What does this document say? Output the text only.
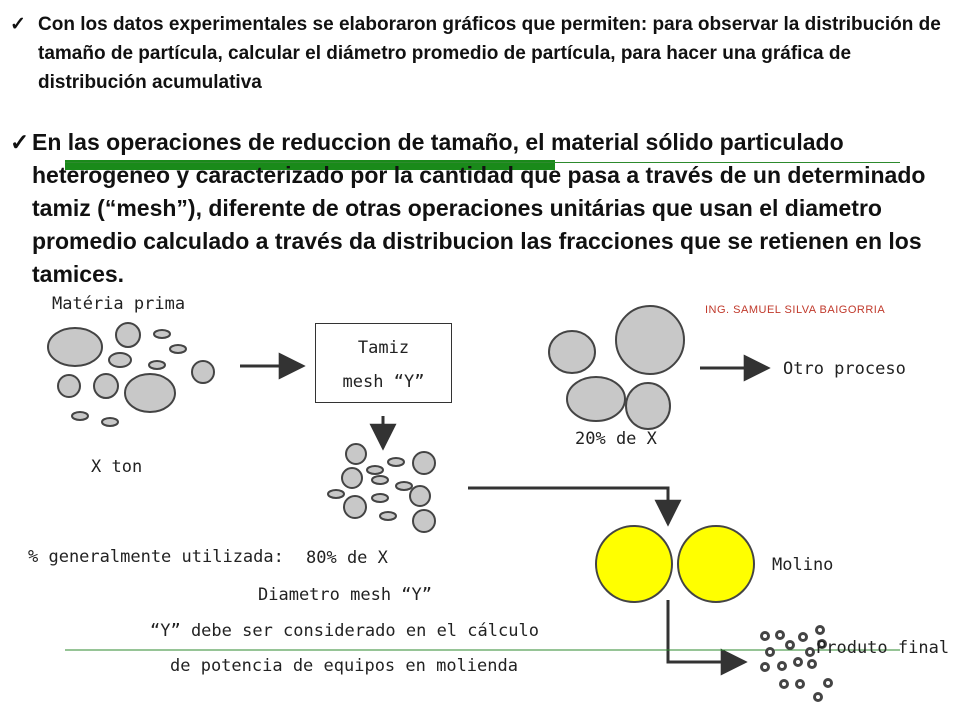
✓ Con los datos experimentales se elaboraron gráficos que permiten: para observar la distribución de tamaño de partícula, calcular el diámetro promedio de partícula, para hacer una gráfica de distribución acumulativa
✓ En las operaciones de reduccion de tamaño, el material sólido particulado heterogeneo y caracterizado por la cantidad que pasa a través de un determinado tamiz (“mesh”), diferente de otras operaciones unitárias que usan el diametro promedio calculado a través da distribucion las fracciones que se retienen en los tamices.
Tamiz
mesh “Y”
Matéria prima
X ton
20% de X
Otro proceso
ING. SAMUEL SILVA BAIGORRIA
% generalmente utilizada: 80% de X
Diametro mesh “Y”
“Y” debe ser considerado en el cálculo
de potencia de equipos en molienda
Molino
Produto final
